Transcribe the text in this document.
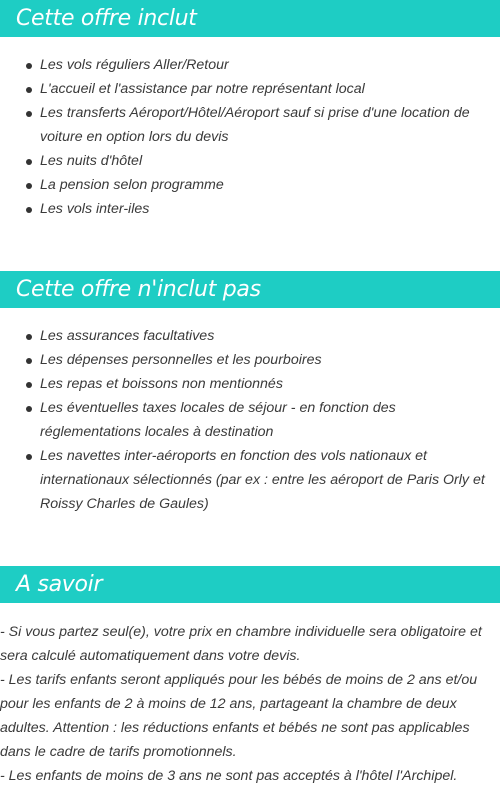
Cette offre inclut
Les vols réguliers Aller/Retour
L'accueil et l'assistance par notre représentant local
Les transferts Aéroport/Hôtel/Aéroport sauf si prise d'une location de voiture en option lors du devis
Les nuits d'hôtel
La pension selon programme
Les vols inter-iles
Cette offre n'inclut pas
Les assurances facultatives
Les dépenses personnelles et les pourboires
Les repas et boissons non mentionnés
Les éventuelles taxes locales de séjour - en fonction des réglementations locales à destination
Les navettes inter-aéroports en fonction des vols nationaux et internationaux sélectionnés (par ex : entre les aéroport de Paris Orly et Roissy Charles de Gaules)
A savoir

- Si vous partez seul(e), votre prix en chambre individuelle sera obligatoire et sera calculé automatiquement dans votre devis.

- Les tarifs enfants seront appliqués pour les bébés de moins de 2 ans et/ou pour les enfants de 2 à moins de 12 ans, partageant la chambre de deux adultes. Attention : les réductions enfants et bébés ne sont pas applicables dans le cadre de tarifs promotionnels.

- Les enfants de moins de 3 ans ne sont pas acceptés à l'hôtel l'Archipel.
